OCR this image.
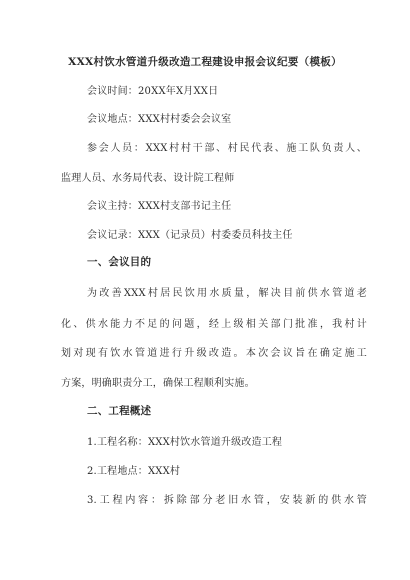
XXX村饮水管道升级改造工程建设申报会议纪要（模板）
会议时间：20XX年X月XX日
会议地点：XXX村村委会会议室
参会人员：XXX村村干部、村民代表、施工队负责人、
监理人员、水务局代表、设计院工程师
会议主持：XXX村支部书记主任
会议记录：XXX（记录员）村委委员科技主任
一、会议目的
为改善XXX村居民饮用水质量，解决目前供水管道老
化、供水能力不足的问题，经上级相关部门批准，我村计
划对现有饮水管道进行升级改造。本次会议旨在确定施工
方案，明确职责分工，确保工程顺利实施。
二、工程概述
1.工程名称：XXX村饮水管道升级改造工程
2.工程地点：XXX村
3.工程内容：拆除部分老旧水管，安装新的供水管
